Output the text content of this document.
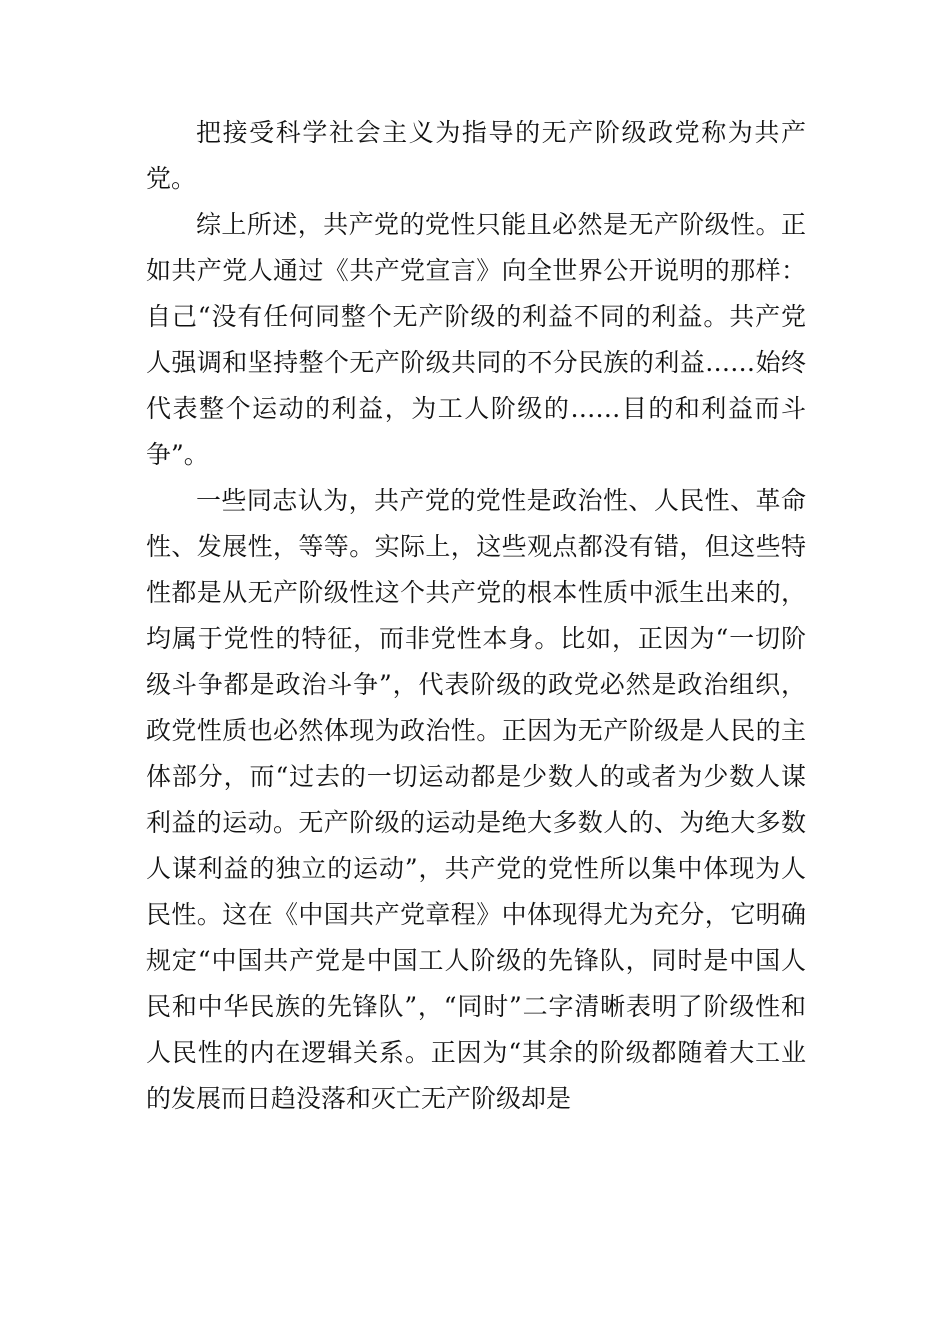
把接受科学社会主义为指导的无产阶级政党称为共产党。

综上所述，共产党的党性只能且必然是无产阶级性。正如共产党人通过《共产党宣言》向全世界公开说明的那样：自己“没有任何同整个无产阶级的利益不同的利益。共产党人强调和坚持整个无产阶级共同的不分民族的利益……始终代表整个运动的利益，为工人阶级的……目的和利益而斗争”。

一些同志认为，共产党的党性是政治性、人民性、革命性、发展性，等等。实际上，这些观点都没有错，但这些特性都是从无产阶级性这个共产党的根本性质中派生出来的，均属于党性的特征，而非党性本身。比如，正因为“一切阶级斗争都是政治斗争”，代表阶级的政党必然是政治组织，政党性质也必然体现为政治性。正因为无产阶级是人民的主体部分，而“过去的一切运动都是少数人的或者为少数人谋利益的运动。无产阶级的运动是绝大多数人的、为绝大多数人谋利益的独立的运动”，共产党的党性所以集中体现为人民性。这在《中国共产党章程》中体现得尤为充分，它明确规定“中国共产党是中国工人阶级的先锋队，同时是中国人民和中华民族的先锋队”，“同时”二字清晰表明了阶级性和人民性的内在逻辑关系。正因为“其余的阶级都随着大工业的发展而日趋没落和灭亡无产阶级却是
